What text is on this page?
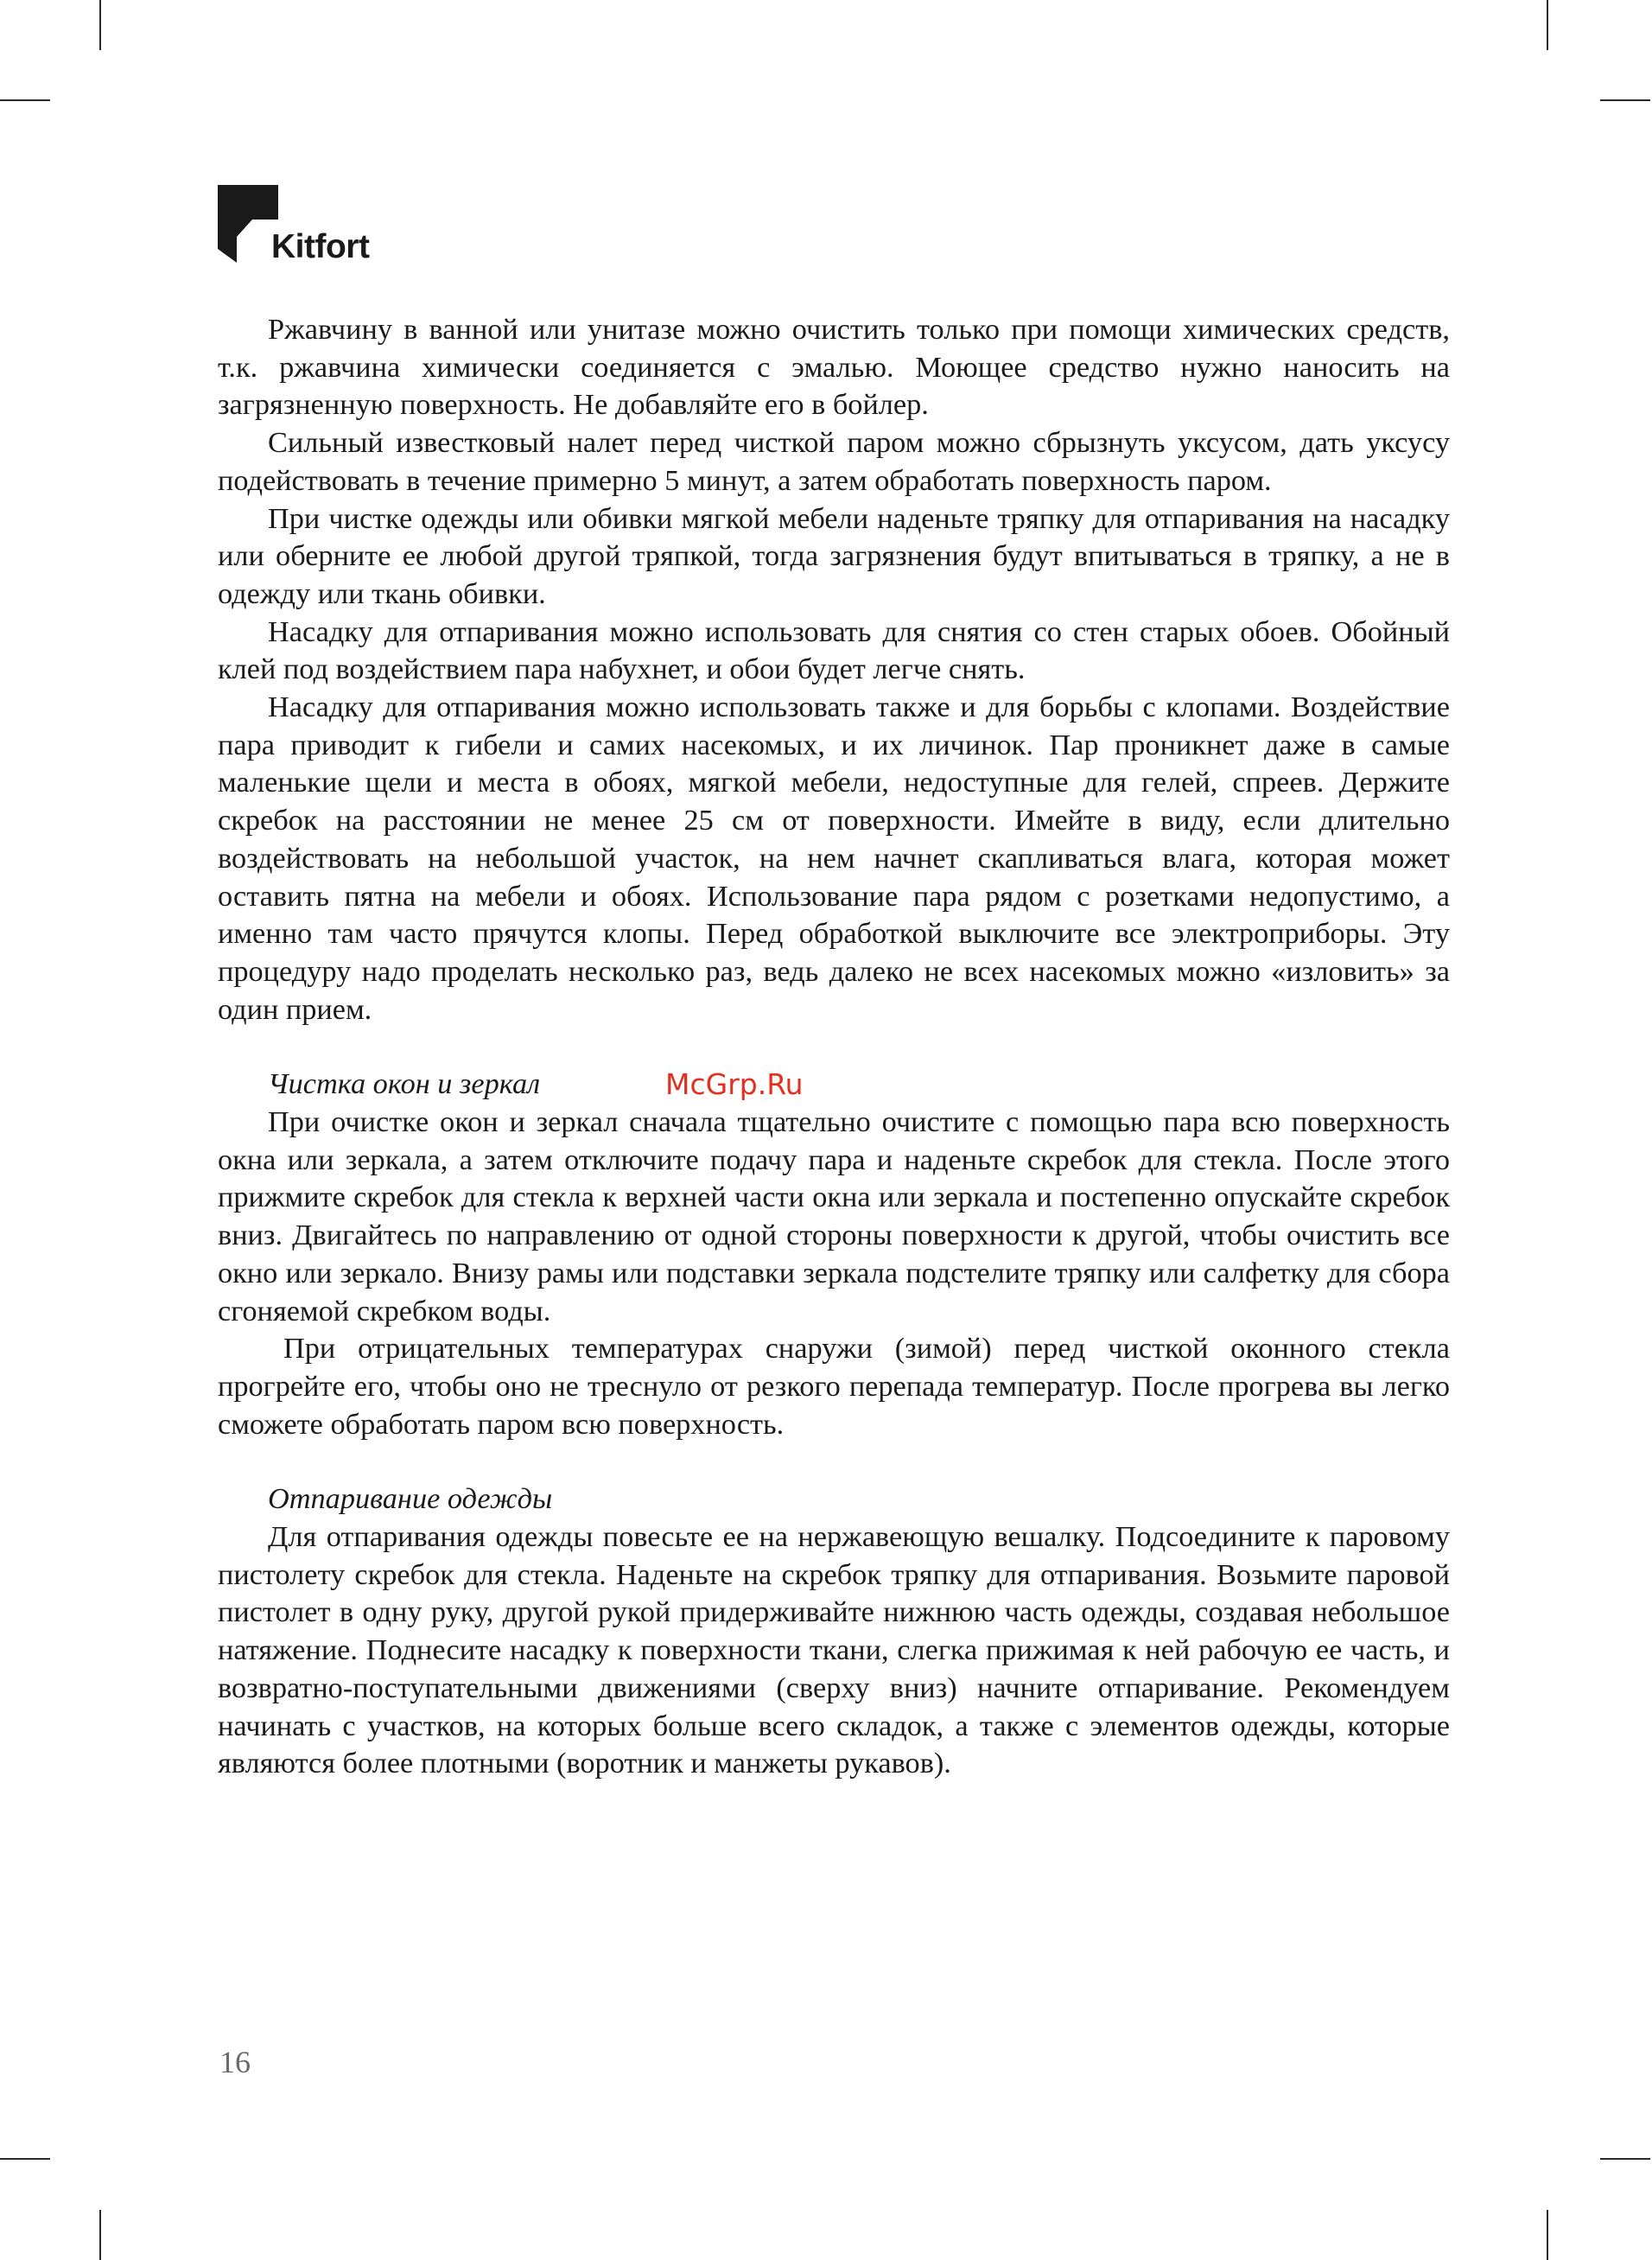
Kitfort

Ржавчину в ванной или унитазе можно очистить только при помощи химических средств, т.к. ржавчина химически соединяется с эмалью. Моющее средство нужно наносить на загрязненную поверхность. Не добавляйте его в бойлер.

Сильный известковый налет перед чисткой паром можно сбрызнуть уксусом, дать уксусу подействовать в течение примерно 5 минут, а затем обработать поверхность паром.

При чистке одежды или обивки мягкой мебели наденьте тряпку для отпаривания на насадку или оберните ее любой другой тряпкой, тогда загрязнения будут впитываться в тряпку, а не в одежду или ткань обивки.

Насадку для отпаривания можно использовать для снятия со стен старых обоев. Обойный клей под воздействием пара набухнет, и обои будет легче снять.

Насадку для отпаривания можно использовать также и для борьбы с клопами. Воздействие пара приводит к гибели и самих насекомых, и их личинок. Пар проникнет даже в самые маленькие щели и места в обоях, мягкой мебели, недоступные для гелей, спреев. Держите скребок на расстоянии не менее 25 см от поверхности. Имейте в виду, если длительно воздействовать на небольшой участок, на нем начнет скапливаться влага, которая может оставить пятна на мебели и обоях. Использование пара рядом с розетками недопустимо, а именно там часто прячутся клопы. Перед обработкой выключите все электроприборы. Эту процедуру надо проделать несколько раз, ведь далеко не всех насекомых можно «изловить» за один прием.

Чистка окон и зеркал	McGrp.Ru

При очистке окон и зеркал сначала тщательно очистите с помощью пара всю поверхность окна или зеркала, а затем отключите подачу пара и наденьте скребок для стекла. После этого прижмите скребок для стекла к верхней части окна или зеркала и постепенно опускайте скребок вниз. Двигайтесь по направлению от одной стороны поверхности к другой, чтобы очистить все окно или зеркало. Внизу рамы или подставки зеркала подстелите тряпку или салфетку для сбора сгоняемой скребком воды.

При отрицательных температурах снаружи (зимой) перед чисткой оконного стекла прогрейте его, чтобы оно не треснуло от резкого перепада температур. После прогрева вы легко сможете обработать паром всю поверхность.

Отпаривание одежды

Для отпаривания одежды повесьте ее на нержавеющую вешалку. Подсоедините к паровому пистолету скребок для стекла. Наденьте на скребок тряпку для отпаривания. Возьмите паровой пистолет в одну руку, другой рукой придерживайте нижнюю часть одежды, создавая небольшое натяжение. Поднесите насадку к поверхности ткани, слегка прижимая к ней рабочую ее часть, и возвратно-поступательными движениями (сверху вниз) начните отпаривание. Рекомендуем начинать с участков, на которых больше всего складок, а также с элементов одежды, которые являются более плотными (воротник и манжеты рукавов).

16
